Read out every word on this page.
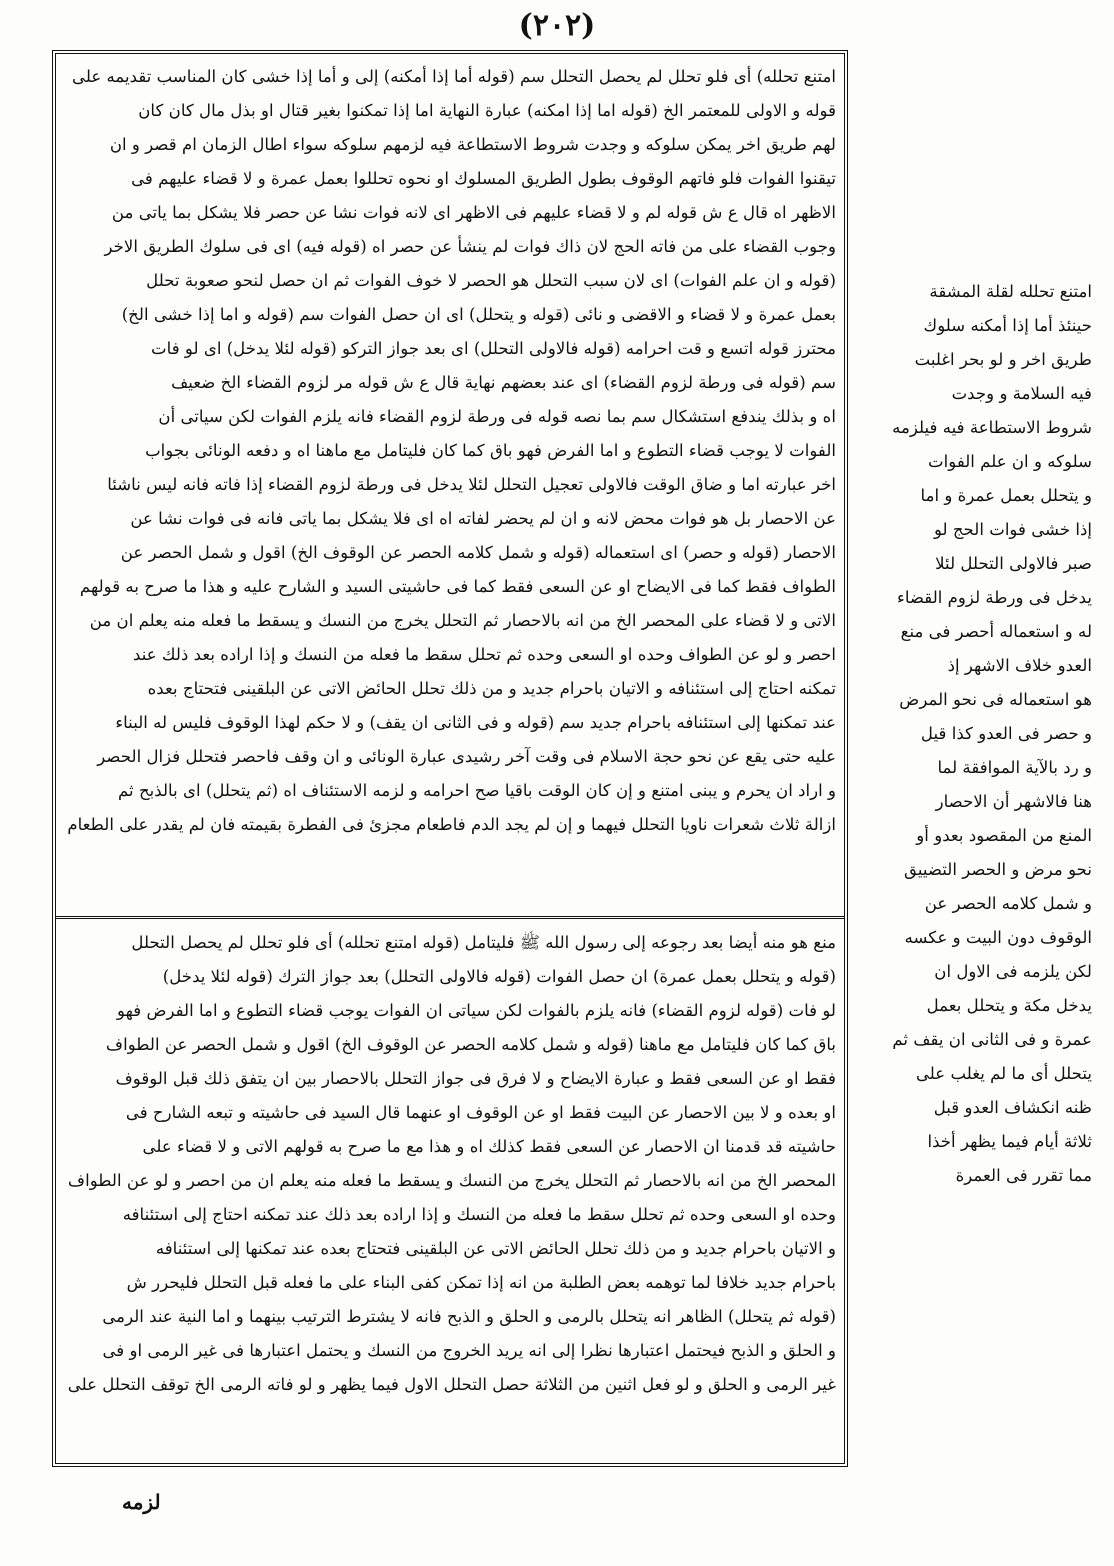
(٢٠٢)

امتنع تحلله) أى فلو تحلل لم يحصل التحلل سم (قوله أما إذا أمكنه) إلى و أما إذا خشى كان المناسب تقديمه على

قوله و الاولى للمعتمر الخ (قوله اما إذا امكنه) عبارة النهاية اما إذا تمكنوا بغير قتال او بذل مال كان كان

لهم طريق اخر يمكن سلوكه و وجدت شروط الاستطاعة فيه لزمهم سلوكه سواء اطال الزمان ام قصر و ان

تيقنوا الفوات فلو فاتهم الوقوف بطول الطريق المسلوك او نحوه تحللوا بعمل عمرة و لا قضاء عليهم فى

الاظهر اه قال ع ش قوله لم و لا قضاء عليهم فى الاظهر اى لانه فوات نشا عن حصر فلا يشكل بما ياتى من

وجوب القضاء على من فاته الحج لان ذاك فوات لم ينشأ عن حصر اه (قوله فيه) اى فى سلوك الطريق الاخر

(قوله و ان علم الفوات) اى لان سبب التحلل هو الحصر لا خوف الفوات ثم ان حصل لنحو صعوبة تحلل

بعمل عمرة و لا قضاء و الاقضى و نائى (قوله و يتحلل) اى ان حصل الفوات سم (قوله و اما إذا خشى الخ)

محترز قوله اتسع و قت احرامه (قوله فالاولى التحلل) اى بعد جواز التركو (قوله لئلا يدخل) اى لو فات

سم (قوله فى ورطة لزوم القضاء) اى عند بعضهم نهاية قال ع ش قوله مر لزوم القضاء الخ ضعيف

اه و بذلك يندفع استشكال سم بما نصه قوله فى ورطة لزوم القضاء فانه يلزم الفوات لكن سياتى أن

الفوات لا يوجب قضاء التطوع و اما الفرض فهو باق كما كان فليتامل مع ماهنا اه و دفعه الونائى بجواب

اخر عبارته اما و ضاق الوقت فالاولى تعجيل التحلل لئلا يدخل فى ورطة لزوم القضاء إذا فاته فانه ليس ناشئا

عن الاحصار بل هو فوات محض لانه و ان لم يحضر لفاته اه اى فلا يشكل بما ياتى فانه فى فوات نشا عن

الاحصار (قوله و حصر) اى استعماله (قوله و شمل كلامه الحصر عن الوقوف الخ) اقول و شمل الحصر عن

الطواف فقط كما فى الايضاح او عن السعى فقط كما فى حاشيتى السيد و الشارح عليه و هذا ما صرح به قولهم

الاتى و لا قضاء على المحصر الخ من انه بالاحصار ثم التحلل يخرج من النسك و يسقط ما فعله منه يعلم ان من

احصر و لو عن الطواف وحده او السعى وحده ثم تحلل سقط ما فعله من النسك و إذا اراده بعد ذلك عند

تمكنه احتاج إلى استئنافه و الاتيان باحرام جديد و من ذلك تحلل الحائض الاتى عن البلقينى فتحتاج بعده

عند تمكنها إلى استئنافه باحرام جديد سم (قوله و فى الثانى ان يقف) و لا حكم لهذا الوقوف فليس له البناء

عليه حتى يقع عن نحو حجة الاسلام فى وقت آخر رشيدى عبارة الونائى و ان وقف فاحصر فتحلل فزال الحصر

و اراد ان يحرم و يبنى امتنع و إن كان الوقت باقيا صح احرامه و لزمه الاستئناف اه (ثم يتحلل) اى بالذبح ثم

ازالة ثلاث شعرات ناويا التحلل فيهما و إن لم يجد الدم فاطعام مجزئ فى الفطرة بقيمته فان لم يقدر على الطعام

منع هو منه أيضا بعد رجوعه إلى رسول الله ﷺ فليتامل (قوله امتنع تحلله) أى فلو تحلل لم يحصل التحلل

(قوله و يتحلل بعمل عمرة) ان حصل الفوات (قوله فالاولى التحلل) بعد جواز الترك (قوله لئلا يدخل)

لو فات (قوله لزوم القضاء) فانه يلزم بالفوات لكن سياتى ان الفوات يوجب قضاء التطوع و اما الفرض فهو

باق كما كان فليتامل مع ماهنا (قوله و شمل كلامه الحصر عن الوقوف الخ) اقول و شمل الحصر عن الطواف

فقط او عن السعى فقط و عبارة الايضاح و لا فرق فى جواز التحلل بالاحصار بين ان يتفق ذلك قبل الوقوف

او بعده و لا بين الاحصار عن البيت فقط او عن الوقوف او عنهما قال السيد فى حاشيته و تبعه الشارح فى

حاشيته قد قدمنا ان الاحصار عن السعى فقط كذلك اه و هذا مع ما صرح به قولهم الاتى و لا قضاء على

المحصر الخ من انه بالاحصار ثم التحلل يخرج من النسك و يسقط ما فعله منه يعلم ان من احصر و لو عن الطواف

وحده او السعى وحده ثم تحلل سقط ما فعله من النسك و إذا اراده بعد ذلك عند تمكنه احتاج إلى استئنافه

و الاتيان باحرام جديد و من ذلك تحلل الحائض الاتى عن البلقينى فتحتاج بعده عند تمكنها إلى استئنافه

باحرام جديد خلافا لما توهمه بعض الطلبة من انه إذا تمكن كفى البناء على ما فعله قبل التحلل فليحرر ش

(قوله ثم يتحلل) الظاهر انه يتحلل بالرمى و الحلق و الذبح فانه لا يشترط الترتيب بينهما و اما النية عند الرمى

و الحلق و الذبح فيحتمل اعتبارها نظرا إلى انه يريد الخروج من النسك و يحتمل اعتبارها فى غير الرمى او فى

غير الرمى و الحلق و لو فعل اثنين من الثلاثة حصل التحلل الاول فيما يظهر و لو فاته الرمى الخ توقف التحلل على

امتنع تحلله لقلة المشقة

حينئذ أما إذا أمكنه سلوك

طريق اخر و لو بحر اغلبت

فيه السلامة و وجدت

شروط الاستطاعة فيه فيلزمه

سلوكه و ان علم الفوات

و يتحلل بعمل عمرة و اما

إذا خشى فوات الحج لو

صبر فالاولى التحلل لئلا

يدخل فى ورطة لزوم القضاء

له و استعماله أحصر فى منع

العدو خلاف الاشهر إذ

هو استعماله فى نحو المرض

و حصر فى العدو كذا قيل

و رد بالآية الموافقة لما

هنا فالاشهر أن الاحصار

المنع من المقصود بعدو أو

نحو مرض و الحصر التضييق

و شمل كلامه الحصر عن

الوقوف دون البيت و عكسه

لكن يلزمه فى الاول ان

يدخل مكة و يتحلل بعمل

عمرة و فى الثانى ان يقف ثم

يتحلل أى ما لم يغلب على

ظنه انكشاف العدو قبل

ثلاثة أيام فيما يظهر أخذا

مما تقرر فى العمرة

لزمه
